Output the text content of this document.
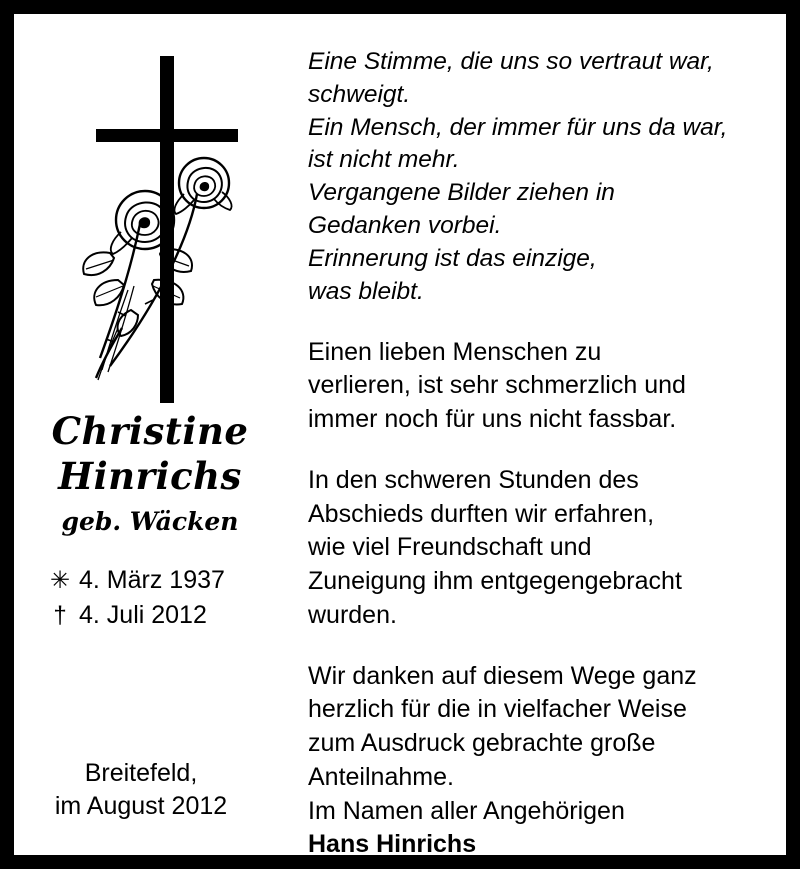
Christine
Hinrichs
geb. Wäcken
✳ 4. März 1937
† 4. Juli 2012
Breitefeld,
im August 2012
Eine Stimme, die uns so vertraut war,
schweigt.
Ein Mensch, der immer für uns da war,
ist nicht mehr.
Vergangene Bilder ziehen in
Gedanken vorbei.
Erinnerung ist das einzige,
was bleibt.
Einen lieben Menschen zu
verlieren, ist sehr schmerzlich und
immer noch für uns nicht fassbar.
In den schweren Stunden des
Abschieds durften wir erfahren,
wie viel Freundschaft und
Zuneigung ihm entgegengebracht
wurden.
Wir danken auf diesem Wege ganz
herzlich für die in vielfacher Weise
zum Ausdruck gebrachte große
Anteilnahme.
Im Namen aller Angehörigen
Hans Hinrichs
